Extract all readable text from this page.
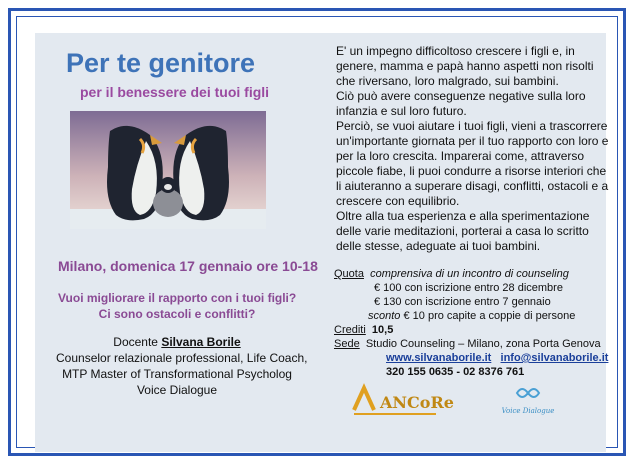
Per te genitore
per il benessere dei tuoi figli
Milano, domenica 17 gennaio ore 10-18
Vuoi migliorare il rapporto con i tuoi figli?
Ci sono ostacoli e conflitti?
Docente Silvana Borile
Counselor relazionale professional, Life Coach,
MTP Master of Transformational Psycholog
Voice Dialogue

E' un impegno difficoltoso crescere i figli e, in genere, mamma e papà hanno aspetti non risolti che riversano, loro malgrado, sui bambini.

Ciò può avere conseguenze negative sulla loro infanzia e sul loro futuro.

Perciò, se vuoi aiutare i tuoi figli, vieni a trascorrere un'importante giornata per il tuo rapporto con loro e per la loro crescita. Imparerai come, attraverso piccole fiabe, li puoi condurre a risorse interiori che li aiuteranno a superare disagi, conflitti, ostacoli e a crescere con equilibrio.

Oltre alla tua esperienza e alla sperimentazione delle varie meditazioni, porterai a casa lo scritto delle stesse, adeguate ai tuoi bambini.

Quota comprensiva di un incontro di counseling
€ 100 con iscrizione entro 28 dicembre
€ 130 con iscrizione entro 7 gennaio
sconto € 10 pro capite a coppie di persone
Crediti 10,5
Sede Studio Counseling – Milano, zona Porta Genova
www.silvanaborile.it info@silvanaborile.it
320 155 0635 - 02 8376 761
ANCoRe	Voice Dialogue
